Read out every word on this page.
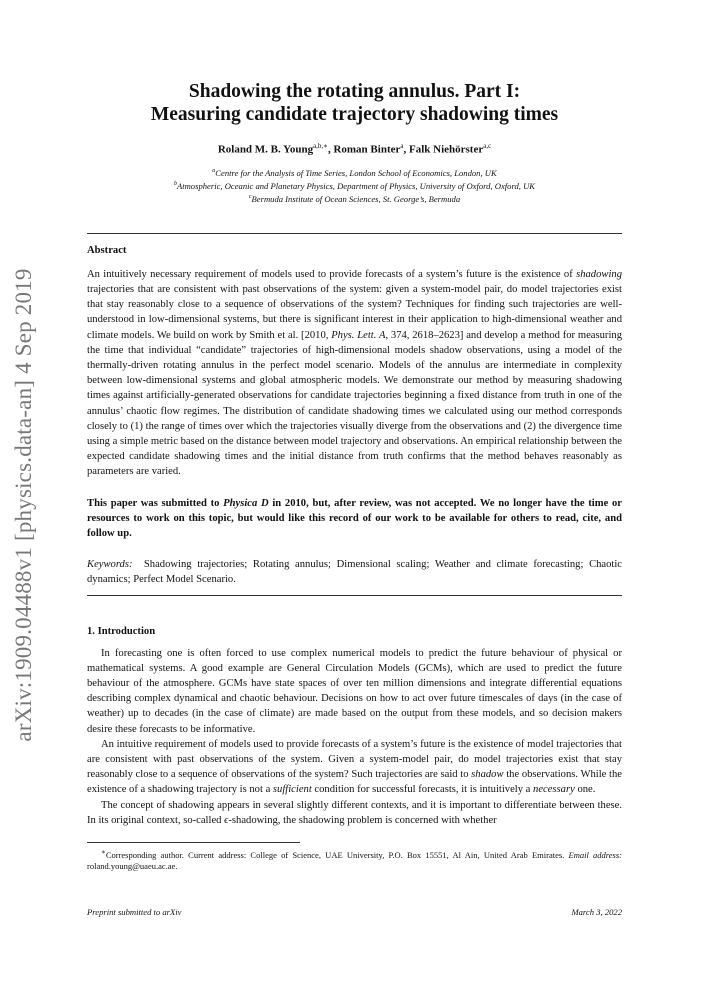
arXiv:1909.04488v1 [physics.data-an] 4 Sep 2019
Shadowing the rotating annulus. Part I:
Measuring candidate trajectory shadowing times
Roland M. B. Young$^{a,b,∗}$, Roman Binter$^a$, Falk Niehörster$^{a,c}$
$^a$Centre for the Analysis of Time Series, London School of Economics, London, UK
$^b$Atmospheric, Oceanic and Planetary Physics, Department of Physics, University of Oxford, Oxford, UK
$^c$Bermuda Institute of Ocean Sciences, St. George’s, Bermuda
Abstract

An intuitively necessary requirement of models used to provide forecasts of a system’s future is the existence of shadowing trajectories that are consistent with past observations of the system: given a system-model pair, do model trajectories exist that stay reasonably close to a sequence of observations of the system? Techniques for finding such trajectories are well-understood in low-dimensional systems, but there is significant interest in their application to high-dimensional weather and climate models. We build on work by Smith et al. [2010, Phys. Lett. A, 374, 2618–2623] and develop a method for measuring the time that individual “candidate” trajectories of high-dimensional models shadow observations, using a model of the thermally-driven rotating annulus in the perfect model scenario. Models of the annulus are intermediate in complexity between low-dimensional systems and global atmospheric models. We demonstrate our method by measuring shadowing times against artificially-generated observations for candidate trajectories beginning a fixed distance from truth in one of the annulus’ chaotic flow regimes. The distribution of candidate shadowing times we calculated using our method corresponds closely to (1) the range of times over which the trajectories visually diverge from the observations and (2) the divergence time using a simple metric based on the distance between model trajectory and observations. An empirical relationship between the expected candidate shadowing times and the initial distance from truth confirms that the method behaves reasonably as parameters are varied.

This paper was submitted to Physica D in 2010, but, after review, was not accepted. We no longer have the time or resources to work on this topic, but would like this record of our work to be available for others to read, cite, and follow up.

Keywords: Shadowing trajectories; Rotating annulus; Dimensional scaling; Weather and climate forecasting; Chaotic dynamics; Perfect Model Scenario.

1. Introduction

In forecasting one is often forced to use complex numerical models to predict the future behaviour of physical or mathematical systems. A good example are General Circulation Models (GCMs), which are used to predict the future behaviour of the atmosphere. GCMs have state spaces of over ten million dimensions and integrate differential equations describing complex dynamical and chaotic behaviour. Decisions on how to act over future timescales of days (in the case of weather) up to decades (in the case of climate) are made based on the output from these models, and so decision makers desire these forecasts to be informative.

An intuitive requirement of models used to provide forecasts of a system’s future is the existence of model trajectories that are consistent with past observations of the system. Given a system-model pair, do model trajectories exist that stay reasonably close to a sequence of observations of the system? Such trajectories are said to shadow the observations. While the existence of a shadowing trajectory is not a sufficient condition for successful forecasts, it is intuitively a necessary one.

The concept of shadowing appears in several slightly different contexts, and it is important to differentiate between these. In its original context, so-called ϵ-shadowing, the shadowing problem is concerned with whether

∗Corresponding author. Current address: College of Science, UAE University, P.O. Box 15551, Al Ain, United Arab Emirates. Email address: roland.young@uaeu.ac.ae.

Preprint submitted to arXiv	March 3, 2022
